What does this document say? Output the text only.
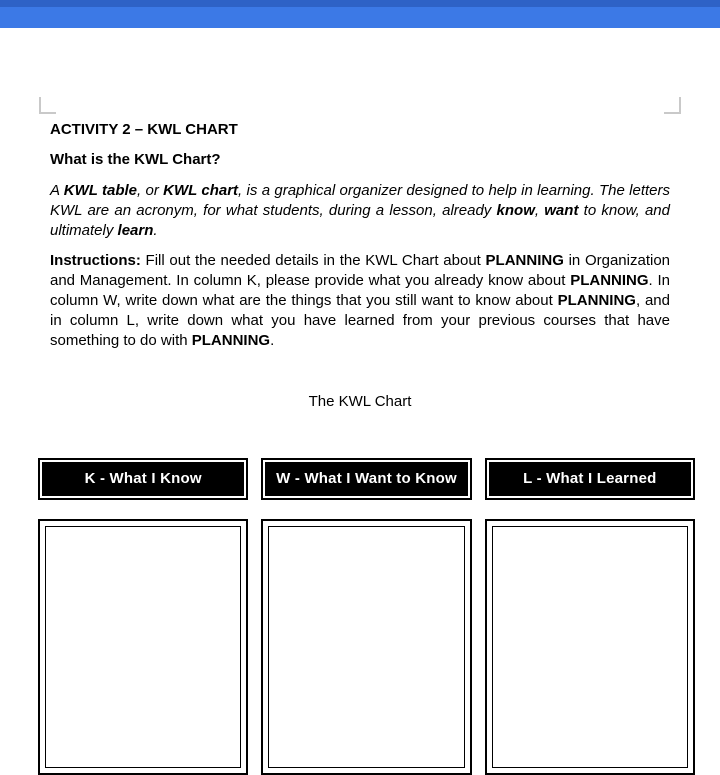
ACTIVITY 2 – KWL CHART

What is the KWL Chart?

A KWL table, or KWL chart, is a graphical organizer designed to help in learning. The letters KWL are an acronym, for what students, during a lesson, already know, want to know, and ultimately learn.

Instructions: Fill out the needed details in the KWL Chart about PLANNING in Organization and Management. In column K, please provide what you already know about PLANNING. In column W, write down what are the things that you still want to know about PLANNING, and in column L, write down what you have learned from your previous courses that have something to do with PLANNING.

The KWL Chart

K - What I Know	W - What I Want to Know	L - What I Learned
